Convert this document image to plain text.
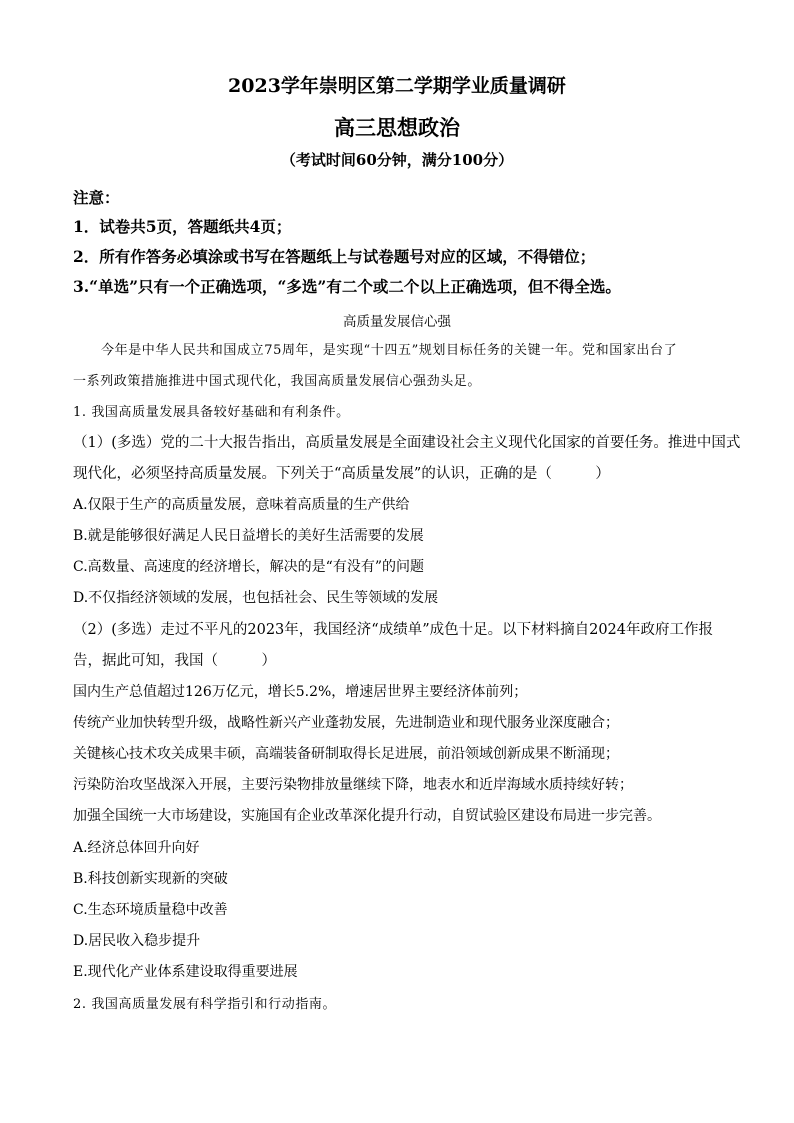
2023学年崇明区第二学期学业质量调研
高三思想政治
（考试时间60分钟，满分100分）
注意：
1．试卷共5页，答题纸共4页；
2．所有作答务必填涂或书写在答题纸上与试卷题号对应的区域，不得错位；
3.“单选”只有一个正确选项，“多选”有二个或二个以上正确选项，但不得全选。
高质量发展信心强
今年是中华人民共和国成立75周年，是实现“十四五”规划目标任务的关键一年。党和国家出台了
一系列政策措施推进中国式现代化，我国高质量发展信心强劲头足。
1. 我国高质量发展具备较好基础和有利条件。
（1）(多选）党的二十大报告指出，高质量发展是全面建设社会主义现代化国家的首要任务。推进中国式
现代化，必须坚持高质量发展。下列关于“高质量发展”的认识，正确的是（　　　）
A.仅限于生产的高质量发展，意味着高质量的生产供给
B.就是能够很好满足人民日益增长的美好生活需要的发展
C.高数量、高速度的经济增长，解决的是“有没有”的问题
D.不仅指经济领域的发展，也包括社会、民生等领域的发展
（2）(多选）走过不平凡的2023年，我国经济“成绩单”成色十足。以下材料摘自2024年政府工作报
告，据此可知，我国（　　　）
国内生产总值超过126万亿元，增长5.2%，增速居世界主要经济体前列；
传统产业加快转型升级，战略性新兴产业蓬勃发展，先进制造业和现代服务业深度融合；
关键核心技术攻关成果丰硕，高端装备研制取得长足进展，前沿领域创新成果不断涌现；
污染防治攻坚战深入开展，主要污染物排放量继续下降，地表水和近岸海域水质持续好转；
加强全国统一大市场建设，实施国有企业改革深化提升行动，自贸试验区建设布局进一步完善。
A.经济总体回升向好
B.科技创新实现新的突破
C.生态环境质量稳中改善
D.居民收入稳步提升
E.现代化产业体系建设取得重要进展
2. 我国高质量发展有科学指引和行动指南。
